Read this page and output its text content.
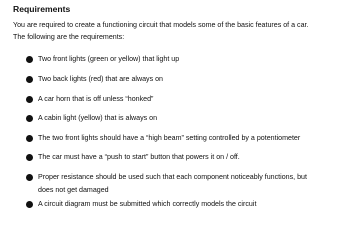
Requirements
You are required to create a functioning circuit that models some of the basic features of a car.
The following are the requirements:
Two front lights (green or yellow) that light up
Two back lights (red) that are always on
A car horn that is off unless “honked”
A cabin light (yellow) that is always on
The two front lights should have a “high beam” setting controlled by a potentiometer
The car must have a “push to start” button that powers it on / off.
Proper resistance should be used such that each component noticeably functions, but
does not get damaged
A circuit diagram must be submitted which correctly models the circuit
